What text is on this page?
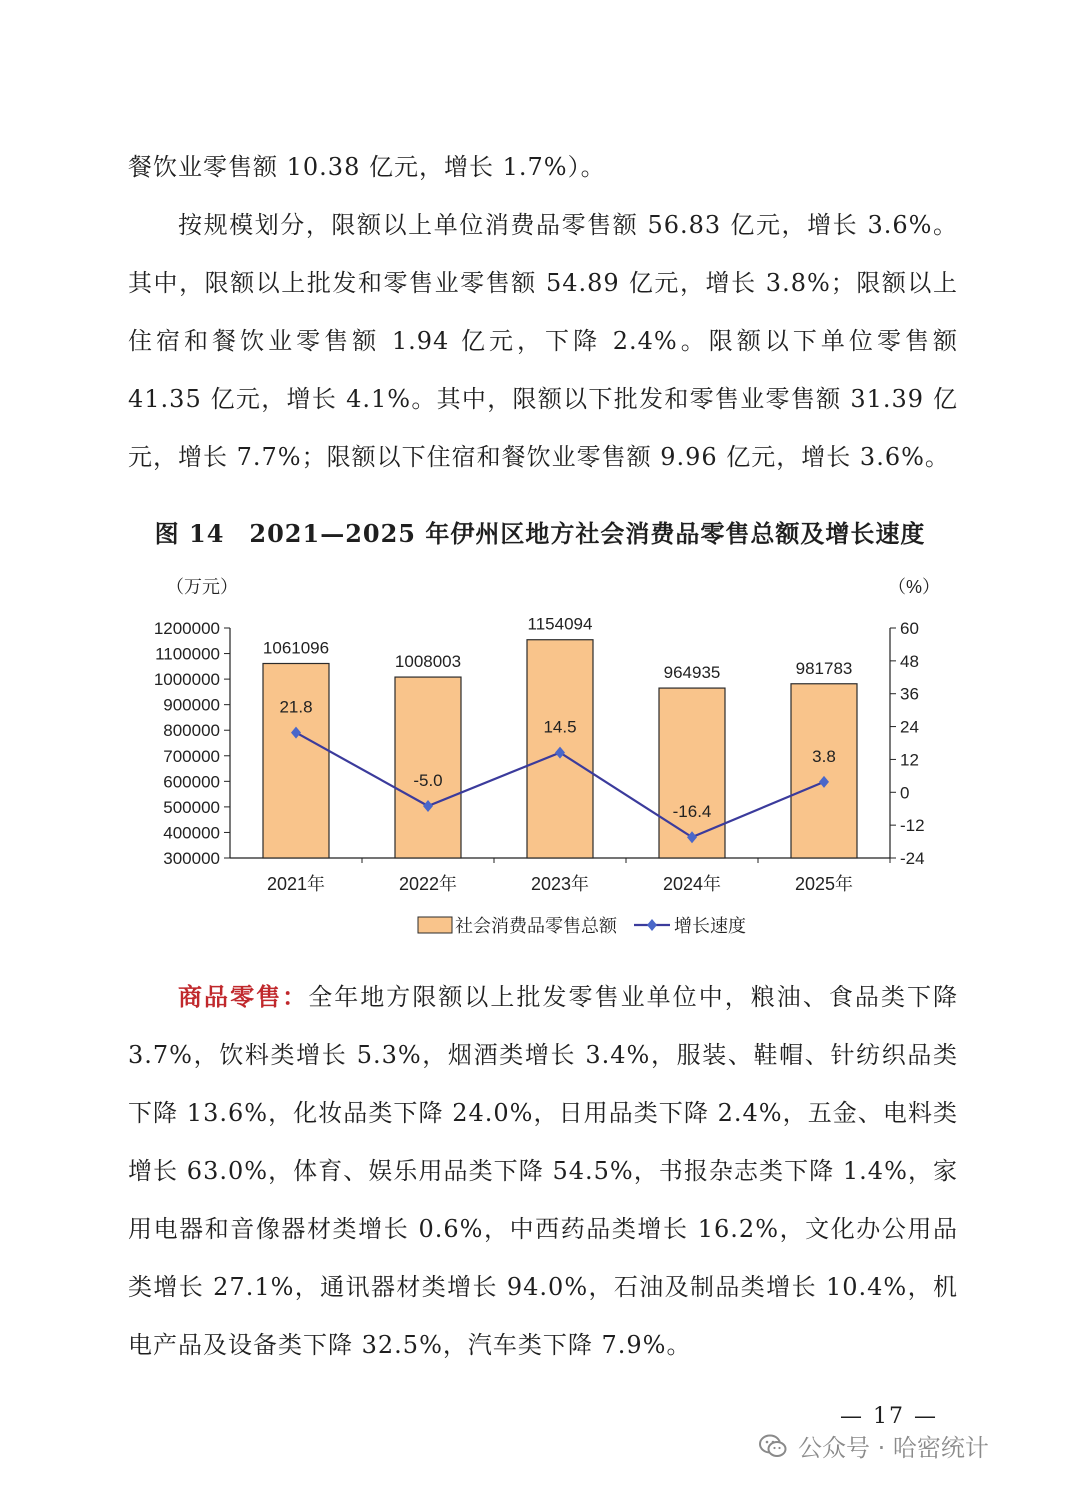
餐饮业零售额 10.38 亿元，增长 1.7%）。

按规模划分，限额以上单位消费品零售额 56.83 亿元，增长 3.6%。其中，限额以上批发和零售业零售额 54.89 亿元，增长 3.8%；限额以上住宿和餐饮业零售额 1.94 亿元，下降 2.4%。限额以下单位零售额 41.35 亿元，增长 4.1%。其中，限额以下批发和零售业零售额 31.39 亿元，增长 7.7%；限额以下住宿和餐饮业零售额 9.96 亿元，增长 3.6%。

图 14　2021—2025 年伊州区地方社会消费品零售总额及增长速度
（万元）	（%）
300000
400000
500000
600000
700000
800000
900000
1000000
1100000
1200000
-24
-12
0
12
24
36
48
60
1061096
2021年
1008003
2022年
1154094
2023年
964935
2024年
981783
2025年
21.8
-5.0
14.5
-16.4
3.8
社会消费品零售总额	增长速度

商品零售：全年地方限额以上批发零售业单位中，粮油、食品类下降 3.7%，饮料类增长 5.3%，烟酒类增长 3.4%，服装、鞋帽、针纺织品类下降 13.6%，化妆品类下降 24.0%，日用品类下降 2.4%，五金、电料类增长 63.0%，体育、娱乐用品类下降 54.5%，书报杂志类下降 1.4%，家用电器和音像器材类增长 0.6%，中西药品类增长 16.2%，文化办公用品类增长 27.1%，通讯器材类增长 94.0%，石油及制品类增长 10.4%，机电产品及设备类下降 32.5%，汽车类下降 7.9%。

— 17 —
公众号 · 哈密统计
